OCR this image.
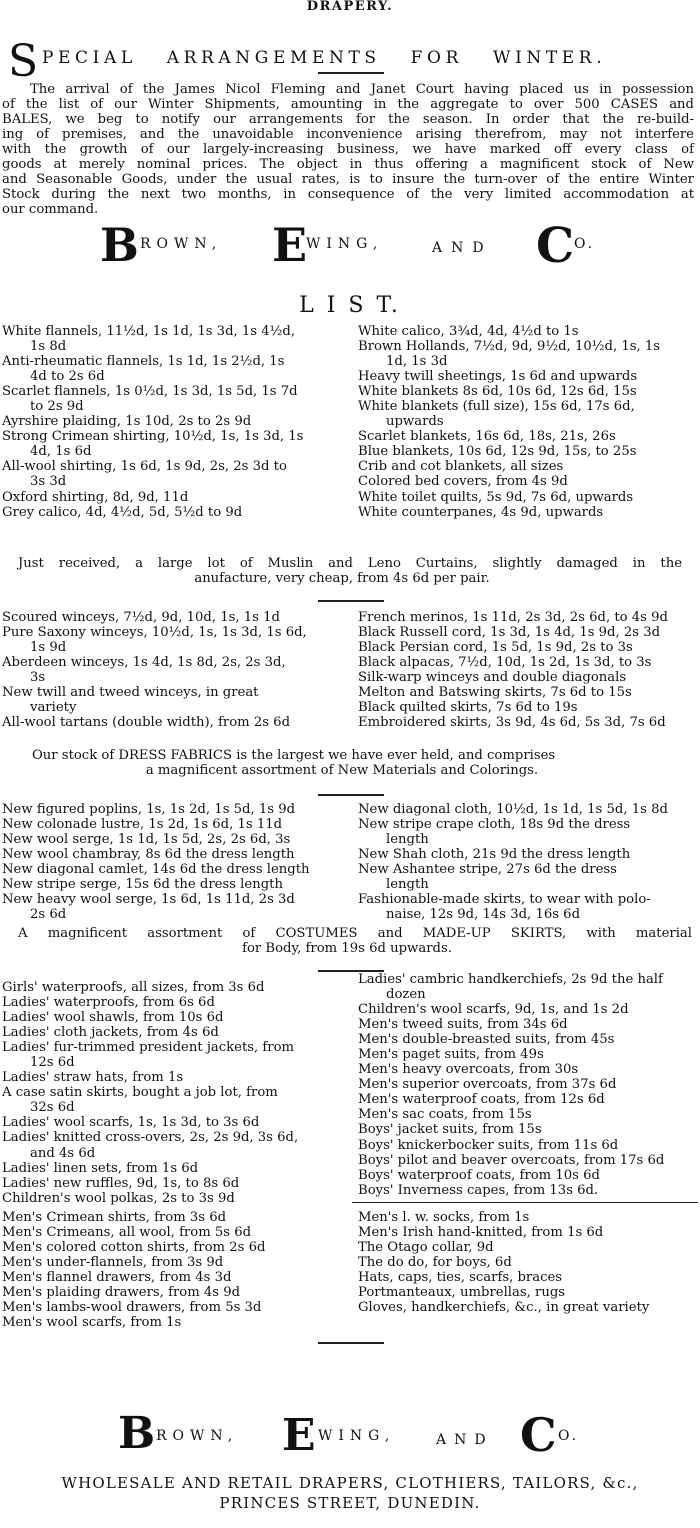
DRAPERY.
S PECIAL   ARRANGEMENTS   FOR   WINTER.
The arrival of the James Nicol Fleming and Janet Court having placed us in possession
of the list of our Winter Shipments, amounting in the aggregate to over 500 CASES and
BALES, we beg to notify our arrangements for the season. In order that the re-build-
ing of premises, and the unavoidable inconvenience arising therefrom, may not interfere
with the growth of our largely-increasing business, we have marked off every class of
goods at merely nominal prices. The object in thus offering a magnificent stock of New
and Seasonable Goods, under the usual rates, is to insure the turn-over of the entire Winter
Stock during the next two months, in consequence of the very limited accommodation at
our command.
B ROWN, E
WING,	AND C O.
L I S T.
White flannels, 11½d, 1s 1d, 1s 3d, 1s 4½d,
1s 8d
Anti-rheumatic flannels, 1s 1d, 1s 2½d, 1s
4d to 2s 6d
Scarlet flannels, 1s 0½d, 1s 3d, 1s 5d, 1s 7d
to 2s 9d
Ayrshire plaiding, 1s 10d, 2s to 2s 9d
Strong Crimean shirting, 10½d, 1s, 1s 3d, 1s
4d, 1s 6d
All-wool shirting, 1s 6d, 1s 9d, 2s, 2s 3d to
3s 3d
Oxford shirting, 8d, 9d, 11d
Grey calico, 4d, 4½d, 5d, 5½d to 9d
White calico, 3¾d, 4d, 4½d to 1s
Brown Hollands, 7½d, 9d, 9½d, 10½d, 1s, 1s
1d, 1s 3d
Heavy twill sheetings, 1s 6d and upwards
White blankets 8s 6d, 10s 6d, 12s 6d, 15s
White blankets (full size), 15s 6d, 17s 6d,
upwards
Scarlet blankets, 16s 6d, 18s, 21s, 26s
Blue blankets, 10s 6d, 12s 9d, 15s, to 25s
Crib and cot blankets, all sizes
Colored bed covers, from 4s 9d
White toilet quilts, 5s 9d, 7s 6d, upwards
White counterpanes, 4s 9d, upwards
Just received, a large lot of Muslin and Leno Curtains, slightly damaged in the
anufacture, very cheap, from 4s 6d per pair.
Scoured winceys, 7½d, 9d, 10d, 1s, 1s 1d
Pure Saxony winceys, 10½d, 1s, 1s 3d, 1s 6d,
1s 9d
Aberdeen winceys, 1s 4d, 1s 8d, 2s, 2s 3d,
3s
New twill and tweed winceys, in great
variety
All-wool tartans (double width), from 2s 6d
French merinos, 1s 11d, 2s 3d, 2s 6d, to 4s 9d
Black Russell cord, 1s 3d, 1s 4d, 1s 9d, 2s 3d
Black Persian cord, 1s 5d, 1s 9d, 2s to 3s
Black alpacas, 7½d, 10d, 1s 2d, 1s 3d, to 3s
Silk-warp winceys and double diagonals
Melton and Batswing skirts, 7s 6d to 15s
Black quilted skirts, 7s 6d to 19s
Embroidered skirts, 3s 9d, 4s 6d, 5s 3d, 7s 6d
Our stock of DRESS FABRICS is the largest we have ever held, and comprises
a magnificent assortment of New Materials and Colorings.
New figured poplins, 1s, 1s 2d, 1s 5d, 1s 9d
New colonade lustre, 1s 2d, 1s 6d, 1s 11d
New wool serge, 1s 1d, 1s 5d, 2s, 2s 6d, 3s
New wool chambray, 8s 6d the dress length
New diagonal camlet, 14s 6d the dress length
New stripe serge, 15s 6d the dress length
New heavy wool serge, 1s 6d, 1s 11d, 2s 3d
2s 6d
New diagonal cloth, 10½d, 1s 1d, 1s 5d, 1s 8d
New stripe crape cloth, 18s 9d the dress
length
New Shah cloth, 21s 9d the dress length
New Ashantee stripe, 27s 6d the dress
length
Fashionable-made skirts, to wear with polo-
naise, 12s 9d, 14s 3d, 16s 6d
A magnificent assortment of COSTUMES and MADE-UP SKIRTS, with material
for Body, from 19s 6d upwards.
Girls' waterproofs, all sizes, from 3s 6d
Ladies' waterproofs, from 6s 6d
Ladies' wool shawls, from 10s 6d
Ladies' cloth jackets, from 4s 6d
Ladies' fur-trimmed president jackets, from
12s 6d
Ladies' straw hats, from 1s
A case satin skirts, bought a job lot, from
32s 6d
Ladies' wool scarfs, 1s, 1s 3d, to 3s 6d
Ladies' knitted cross-overs, 2s, 2s 9d, 3s 6d,
and 4s 6d
Ladies' linen sets, from 1s 6d
Ladies' new ruffles, 9d, 1s, to 8s 6d
Children's wool polkas, 2s to 3s 9d
Ladies' cambric handkerchiefs, 2s 9d the half
dozen
Children's wool scarfs, 9d, 1s, and 1s 2d
Men's tweed suits, from 34s 6d
Men's double-breasted suits, from 45s
Men's paget suits, from 49s
Men's heavy overcoats, from 30s
Men's superior overcoats, from 37s 6d
Men's waterproof coats, from 12s 6d
Men's sac coats, from 15s
Boys' jacket suits, from 15s
Boys' knickerbocker suits, from 11s 6d
Boys' pilot and beaver overcoats, from 17s 6d
Boys' waterproof coats, from 10s 6d
Boys' Inverness capes, from 13s 6d.
Men's Crimean shirts, from 3s 6d
Men's Crimeans, all wool, from 5s 6d
Men's colored cotton shirts, from 2s 6d
Men's under-flannels, from 3s 9d
Men's flannel drawers, from 4s 3d
Men's plaiding drawers, from 4s 9d
Men's lambs-wool drawers, from 5s 3d
Men's wool scarfs, from 1s
Men's l. w. socks, from 1s
Men's Irish hand-knitted, from 1s 6d
The Otago collar, 9d
The do do, for boys, 6d
Hats, caps, ties, scarfs, braces
Portmanteaux, umbrellas, rugs
Gloves, handkerchiefs, &c., in great variety
B ROWN, E WING,	AND C O.
WHOLESALE AND RETAIL DRAPERS, CLOTHIERS, TAILORS, &c.,
PRINCES STREET, DUNEDIN.
